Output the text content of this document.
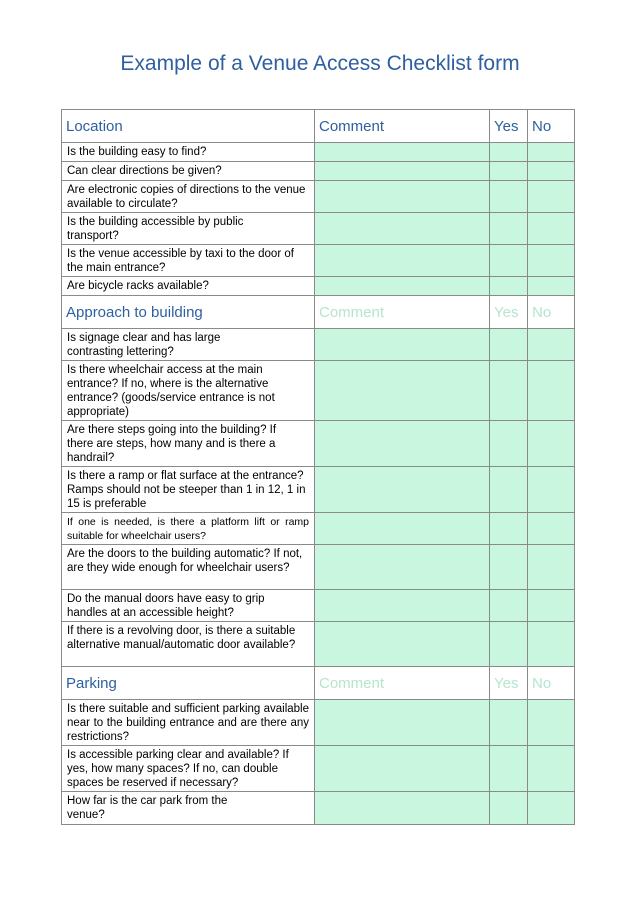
Example of a Venue Access Checklist form
Location	Comment	Yes	No
Is the building easy to find?			
Can clear directions be given?			
Are electronic copies of directions to the venue available to circulate?			
Is the building accessible by public transport?			
Is the venue accessible by taxi to the door of the main entrance?			
Are bicycle racks available?			
Approach to building	Comment	Yes	No
Is signage clear and has large contrasting lettering?			
Is there wheelchair access at the main entrance? If no, where is the alternative entrance? (goods/service entrance is not appropriate)			
Are there steps going into the building? If there are steps, how many and is there a handrail?			
Is there a ramp or flat surface at the entrance? Ramps should not be steeper than 1 in 12, 1 in 15 is preferable			
If one is needed, is there a platform lift or ramp suitable for wheelchair users?			
Are the doors to the building automatic? If not, are they wide enough for wheelchair users?			
Do the manual doors have easy to grip handles at an accessible height?			
If there is a revolving door, is there a suitable alternative manual/automatic door available?			
Parking	Comment	Yes	No
Is there suitable and sufficient parking available near to the building entrance and are there any restrictions?			
Is accessible parking clear and available? If yes, how many spaces? If no, can double spaces be reserved if necessary?			
How far is the car park from the venue?			
